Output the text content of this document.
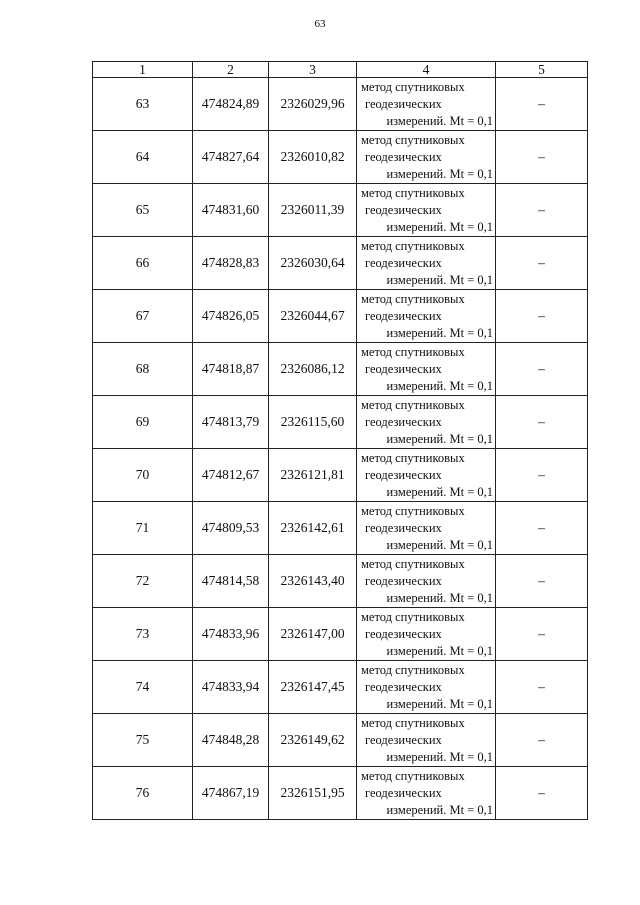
63
1	2	3	4	5
63	474824,89	2326029,96	метод спутниковых
геодезических
измерений. Mt = 0,1	–
64	474827,64	2326010,82	метод спутниковых
геодезических
измерений. Mt = 0,1	–
65	474831,60	2326011,39	метод спутниковых
геодезических
измерений. Mt = 0,1	–
66	474828,83	2326030,64	метод спутниковых
геодезических
измерений. Mt = 0,1	–
67	474826,05	2326044,67	метод спутниковых
геодезических
измерений. Mt = 0,1	–
68	474818,87	2326086,12	метод спутниковых
геодезических
измерений. Mt = 0,1	–
69	474813,79	2326115,60	метод спутниковых
геодезических
измерений. Mt = 0,1	–
70	474812,67	2326121,81	метод спутниковых
геодезических
измерений. Mt = 0,1	–
71	474809,53	2326142,61	метод спутниковых
геодезических
измерений. Mt = 0,1	–
72	474814,58	2326143,40	метод спутниковых
геодезических
измерений. Mt = 0,1	–
73	474833,96	2326147,00	метод спутниковых
геодезических
измерений. Mt = 0,1	–
74	474833,94	2326147,45	метод спутниковых
геодезических
измерений. Mt = 0,1	–
75	474848,28	2326149,62	метод спутниковых
геодезических
измерений. Mt = 0,1	–
76	474867,19	2326151,95	метод спутниковых
геодезических
измерений. Mt = 0,1	–
